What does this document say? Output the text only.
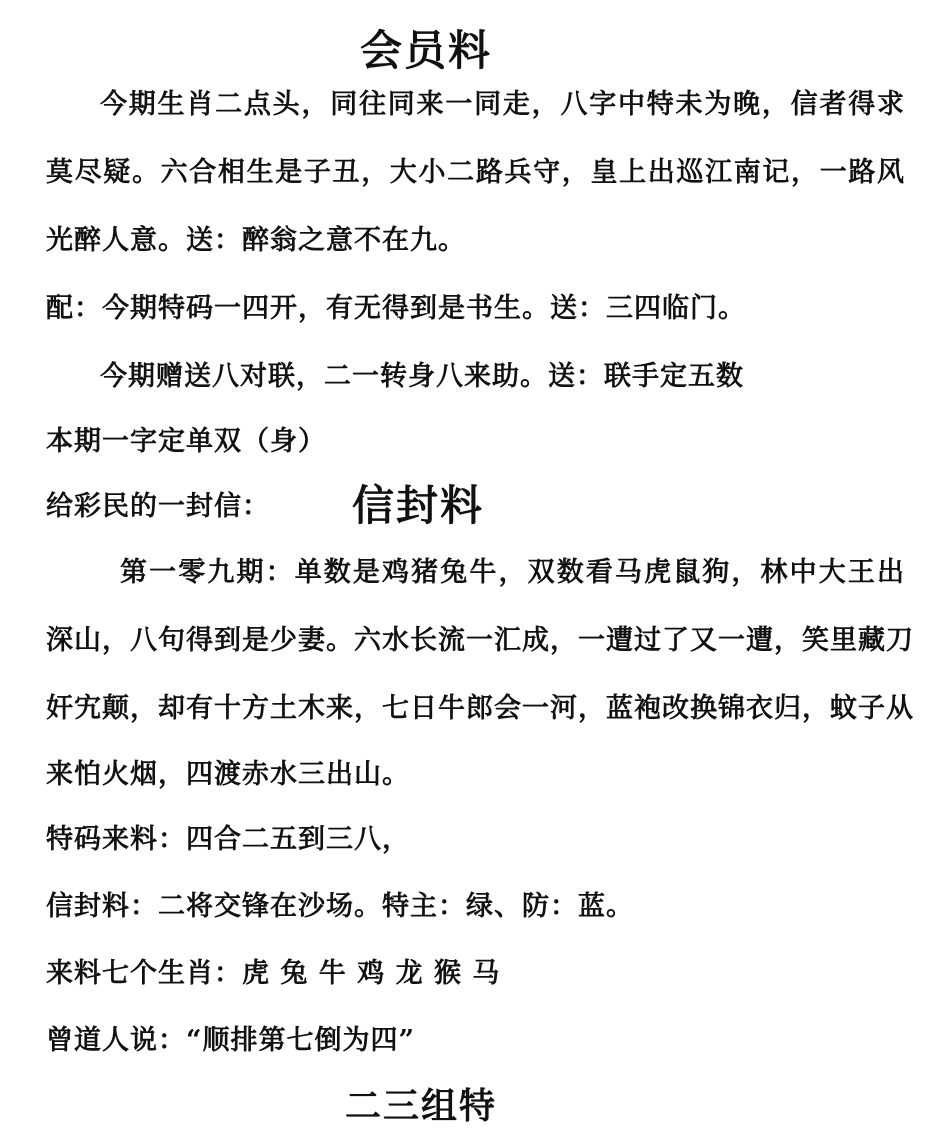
会员料
今期生肖二点头，同往同来一同走，八字中特未为晚，信者得求
莫尽疑。六合相生是子丑，大小二路兵守，皇上出巡江南记，一路风
光醉人意。送：醉翁之意不在九。
配：今期特码一四开，有无得到是书生。送：三四临门。
今期赠送八对联，二一转身八来助。送：联手定五数
本期一字定单双（身）
给彩民的一封信： 信封料
第一零九期：单数是鸡猪兔牛，双数看马虎鼠狗，林中大王出
深山，八句得到是少妻。六水长流一汇成，一遭过了又一遭，笑里藏刀
奸宄颠，却有十方土木来，七日牛郎会一河，蓝袍改换锦衣归，蚊子从
来怕火烟，四渡赤水三出山。
特码来料：四合二五到三八，
信封料：二将交锋在沙场。特主：绿、防：蓝。
来料七个生肖：虎 兔 牛 鸡 龙 猴 马
曾道人说：“顺排第七倒为四”
二三组特
